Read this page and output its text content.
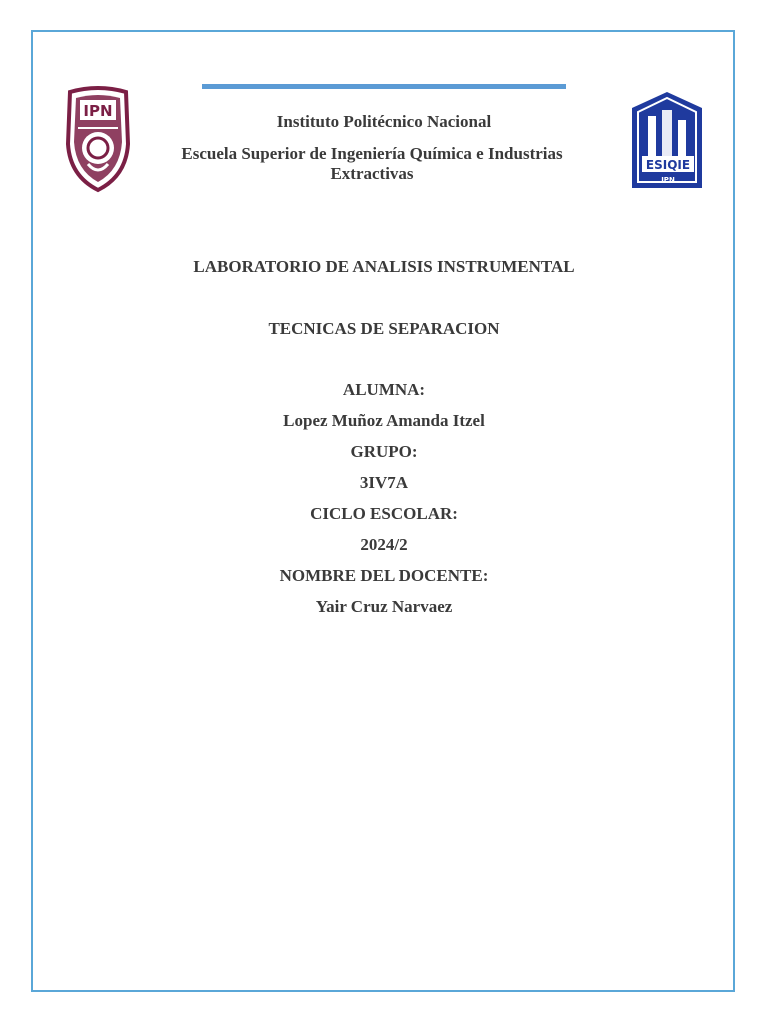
IPN
ESIQIE
IPN
Instituto Politécnico Nacional
Escuela Superior de Ingeniería Química e Industrias Extractivas
LABORATORIO DE ANALISIS INSTRUMENTAL
TECNICAS DE SEPARACION
ALUMNA:
Lopez Muñoz Amanda Itzel
GRUPO:
3IV7A
CICLO ESCOLAR:
2024/2
NOMBRE DEL DOCENTE:
Yair Cruz Narvaez
